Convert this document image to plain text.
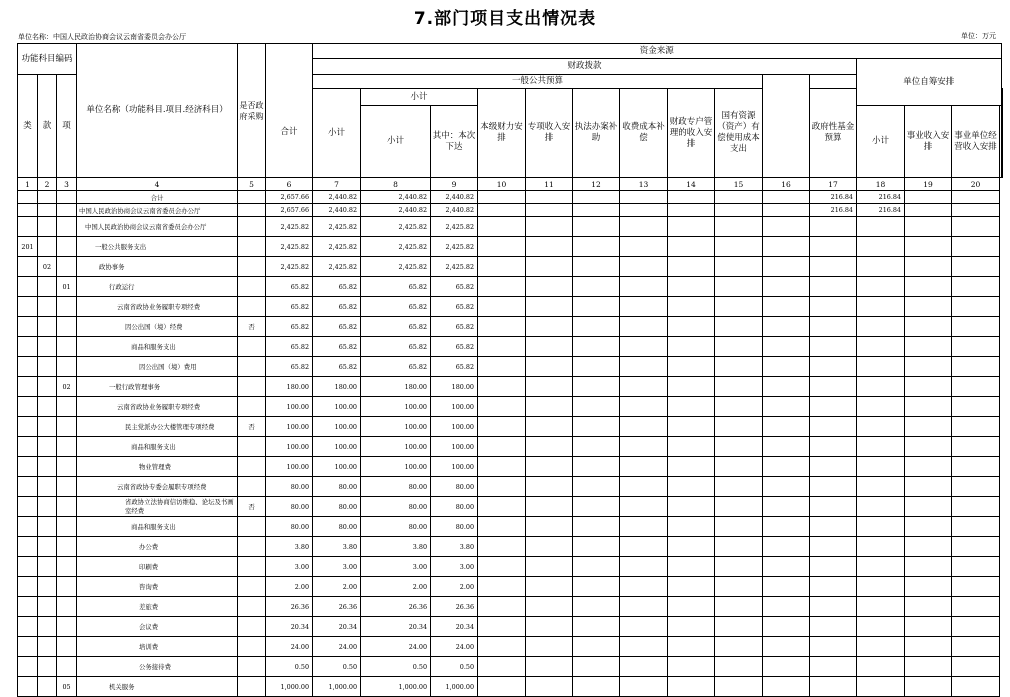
7.部门项目支出情况表
单位名称：中国人民政治协商会议云南省委员会办公厅	单位：万元
功能科目编码			单位名称（功能科目.项目.经济科目）	是否政府采购		资金来源															
						财政拨款											单位自筹安排				
类	款	项				一般公共预算															
					合计	小计	小计		本级财力安排	专项收入安排	执法办案补助	收费成本补偿	财政专户管理的收入安排	国有资源（资产）有偿使用成本支出		政府性基金预算	
							小计	其中：本次下达									小计	事业收入安排	事业单位经营收入安排	
1	2	3	4	5	6	7	8	9	10	11	12	13	14	15	16	17	18	19	20		
			合计		2,657.66	2,440.82	2,440.82	2,440.82								216.84	216.84				
			中国人民政治协商会议云南省委员会办公厅		2,657.66	2,440.82	2,440.82	2,440.82								216.84	216.84				
			中国人民政治协商会议云南省委员会办公厅		2,425.82	2,425.82	2,425.82	2,425.82													
201			一般公共服务支出		2,425.82	2,425.82	2,425.82	2,425.82													
	02		政协事务		2,425.82	2,425.82	2,425.82	2,425.82													
		01	行政运行		65.82	65.82	65.82	65.82													
			云南省政协业务履职专项经费		65.82	65.82	65.82	65.82													
			因公出国（境）经费	否	65.82	65.82	65.82	65.82													
			商品和服务支出		65.82	65.82	65.82	65.82													
			因公出国（境）费用		65.82	65.82	65.82	65.82													
		02	一般行政管理事务		180.00	180.00	180.00	180.00													
			云南省政协业务履职专项经费		100.00	100.00	100.00	100.00													
			民主党派办公大楼管理专项经费	否	100.00	100.00	100.00	100.00													
			商品和服务支出		100.00	100.00	100.00	100.00													
			物业管理费		100.00	100.00	100.00	100.00													
			云南省政协专委会履职专项经费		80.00	80.00	80.00	80.00													
			省政协立法协商信访维稳、论坛及书画室经费	否	80.00	80.00	80.00	80.00													
			商品和服务支出		80.00	80.00	80.00	80.00													
			办公费		3.80	3.80	3.80	3.80													
			印刷费		3.00	3.00	3.00	3.00													
			咨询费		2.00	2.00	2.00	2.00													
			差旅费		26.36	26.36	26.36	26.36													
			会议费		20.34	20.34	20.34	20.34													
			培训费		24.00	24.00	24.00	24.00													
			公务接待费		0.50	0.50	0.50	0.50													
		05	机关服务		1,000.00	1,000.00	1,000.00	1,000.00													
